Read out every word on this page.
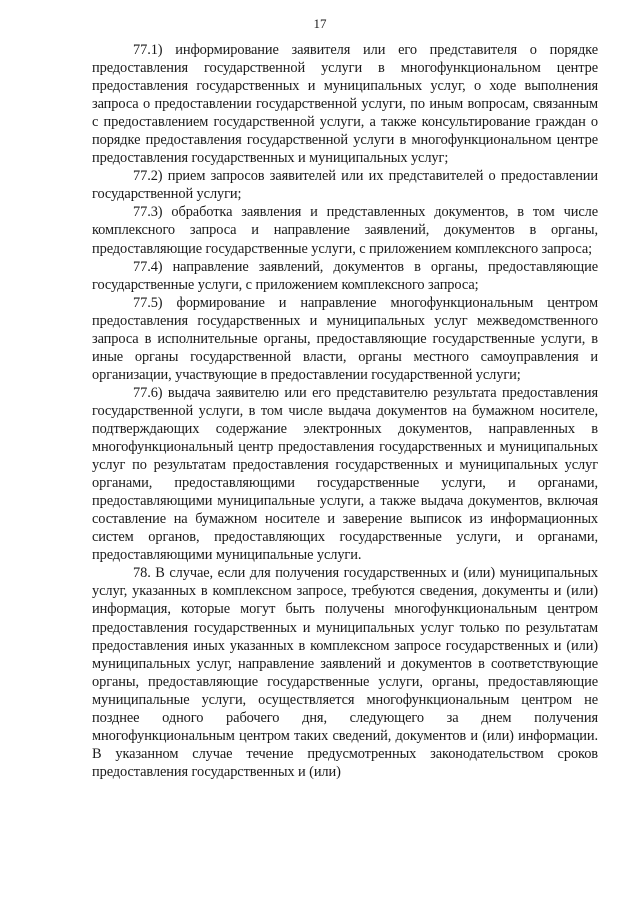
17

77.1) информирование заявителя или его представителя о порядке предоставления государственной услуги в многофункциональном центре предоставления государственных и муниципальных услуг, о ходе выполнения запроса о предоставлении государственной услуги, по иным вопросам, связанным с предоставлением государственной услуги, а также консультирование граждан о порядке предоставления государственной услуги в многофункциональном центре предоставления государственных и муниципальных услуг;

77.2) прием запросов заявителей или их представителей о предоставлении государственной услуги;

77.3) обработка заявления и представленных документов, в том числе комплексного запроса и направление заявлений, документов в органы, предоставляющие государственные услуги, с приложением комплексного запроса;

77.4) направление заявлений, документов в органы, предоставляющие государственные услуги, с приложением комплексного запроса;

77.5) формирование и направление многофункциональным центром предоставления государственных и муниципальных услуг межведомственного запроса в исполнительные органы, предоставляющие государственные услуги, в иные органы государственной власти, органы местного самоуправления и организации, участвующие в предоставлении государственной услуги;

77.6) выдача заявителю или его представителю результата предоставления государственной услуги, в том числе выдача документов на бумажном носителе, подтверждающих содержание электронных документов, направленных в многофункциональный центр предоставления государственных и муниципальных услуг по результатам предоставления государственных и муниципальных услуг органами, предоставляющими государственные услуги, и органами, предоставляющими муниципальные услуги, а также выдача документов, включая составление на бумажном носителе и заверение выписок из информационных систем органов, предоставляющих государственные услуги, и органами, предоставляющими муниципальные услуги.

78. В случае, если для получения государственных и (или) муниципальных услуг, указанных в комплексном запросе, требуются сведения, документы и (или) информация, которые могут быть получены многофункциональным центром предоставления государственных и муниципальных услуг только по результатам предоставления иных указанных в комплексном запросе государственных и (или) муниципальных услуг, направление заявлений и документов в соответствующие органы, предоставляющие государственные услуги, органы, предоставляющие муниципальные услуги, осуществляется многофункциональным центром не позднее одного рабочего дня, следующего за днем получения многофункциональным центром таких сведений, документов и (или) информации. В указанном случае течение предусмотренных законодательством сроков предоставления государственных и (или)
